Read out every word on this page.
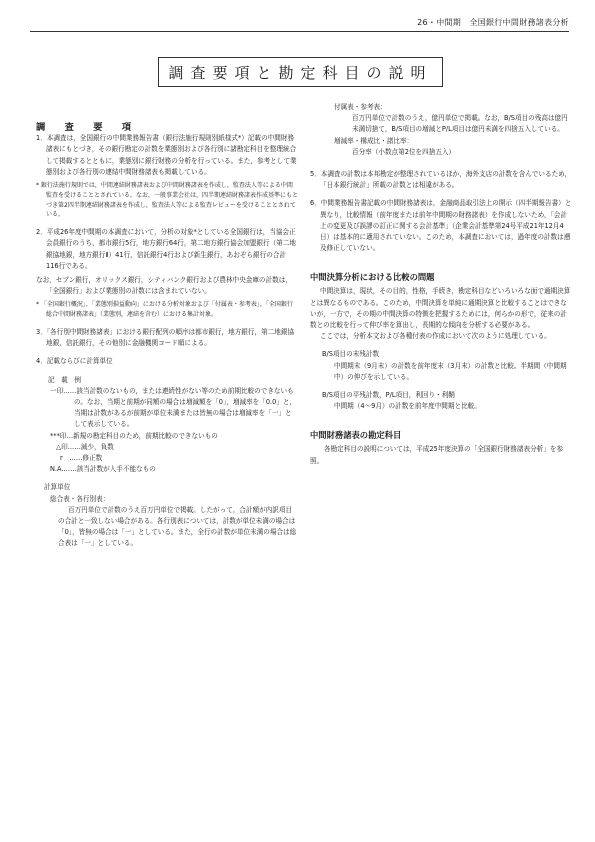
26・中間期　全国銀行中間財務諸表分析
調査要項と勘定科目の説明

調　査　要　項

1．本調査は，全国銀行の中間業務報告書（銀行法施行規則別紙様式*）記載の中間財務諸表にもとづき，その銀行勘定の計数を業態別および各行別に諸勘定科目を整理統合して掲載するとともに，業態別に銀行財務の分析を行っている。また，参考として業態別および各行別の連結中間財務諸表も掲載している。

* 銀行法施行規則では，中間連結財務諸表および中間財務諸表を作成し，監査法人等による中間監査を受けることとされている。なお，一般事業会社は，四半期連結財務諸表作成基準にもとづき第2四半期連結財務諸表を作成し，監査法人等による監査レビューを受けることとされている。

2．平成26年度中間期の本調査において，分析の対象*としている全国銀行は，当協会正会員銀行のうち，都市銀行5行，地方銀行64行，第二地方銀行協会加盟銀行（第二地銀協地銀，地方銀行Ⅱ）41行，信託銀行4行および新生銀行，あおぞら銀行の合計116行である。

なお，セブン銀行，オリックス銀行，シティバンク銀行および農林中央金庫の計数は，「全国銀行」および業態別の計数には含まれていない。

* 「全国銀行概況」，「業態別損益動向」における分析対象および「付属表・参考表」，「全国銀行総合中間財務諸表」（業態別，連結を含む）における集計対象。

3．「各行別中間財務諸表」における銀行配列の順序は都市銀行，地方銀行，第二地銀協地銀，信託銀行，その他別に金融機関コード順による。

4．記載ならびに計算単位

記　載　例

一印……該当計数のないもの，または連続性がない等のため前期比較のできないもの。なお，当期と前期が同額の場合は増減額を「0」，増減率を「0.0」と，当期は計数があるが前期が単位未満または皆無の場合は増減率を「一」として表示している。

***印…新規の勘定科目のため，前期比較のできないもの

△印……減少，負数

r　……修正数

N.A.……該当計数が入手不能なもの

計算単位

総合表・各行別表：

百万円単位で計数のうえ百万円単位で掲載。したがって，合計額が内訳項目の合計と一致しない場合がある。各行別表については，計数が単位未満の場合は「0」，皆無の場合は「一」としている。また，全行の計数が単位未満の場合は総合表は「一」としている。

付属表・参考表：

百万円単位で計数のうえ，億円単位で掲載。なお，B/S項目の残高は億円未満切捨て，B/S項目の増減とP/L項目は億円未満を四捨五入している。

増減率・構成比・諸比率：

百分率（小数点第2位を四捨五入）

5．本調査の計数は本邦勘定が整理されているほか，海外支店の計数を含んでいるため，「日本銀行統計」所載の計数とは相違がある。

6．中間業務報告書記載の中間財務諸表は，金融商品取引法上の開示（四半期報告書）と異なり，比較情報（前年度または前年中間期の財務諸表）を作成しないため，「会計上の変更及び誤謬の訂正に関する会計基準」（企業会計基準第24号平成21年12月4日）は基本的に適用されていない。このため，本調査においては，過年度の計数は遡及修正していない。

中間決算分析における比較の問題

中間決算は，現状，その目的，性格，手続き，勘定科目などいろいろな面で通期決算とは異なるものである。このため，中間決算を単純に通期決算と比較することはできないが，一方で，その期の中間決算の特徴を把握するためには，何らかの形で，従来の計数との比較を行って伸び率を算出し，長期的な傾向を分析する必要がある。

ここでは，分析本文および各種付表の作成において次のように処理している。

B/S項目の末残計数

中間期末（9月末）の計数を前年度末（3月末）の計数と比較。半期間（中間期中）の伸びを示している。

B/S項目の平残計数，P/L項目，利回り・利鞘

中間期（4～9月）の計数を前年度中間期と比較。

中間財務諸表の勘定科目

各勘定科目の説明については，平成25年度決算の「全国銀行財務諸表分析」を参照。
